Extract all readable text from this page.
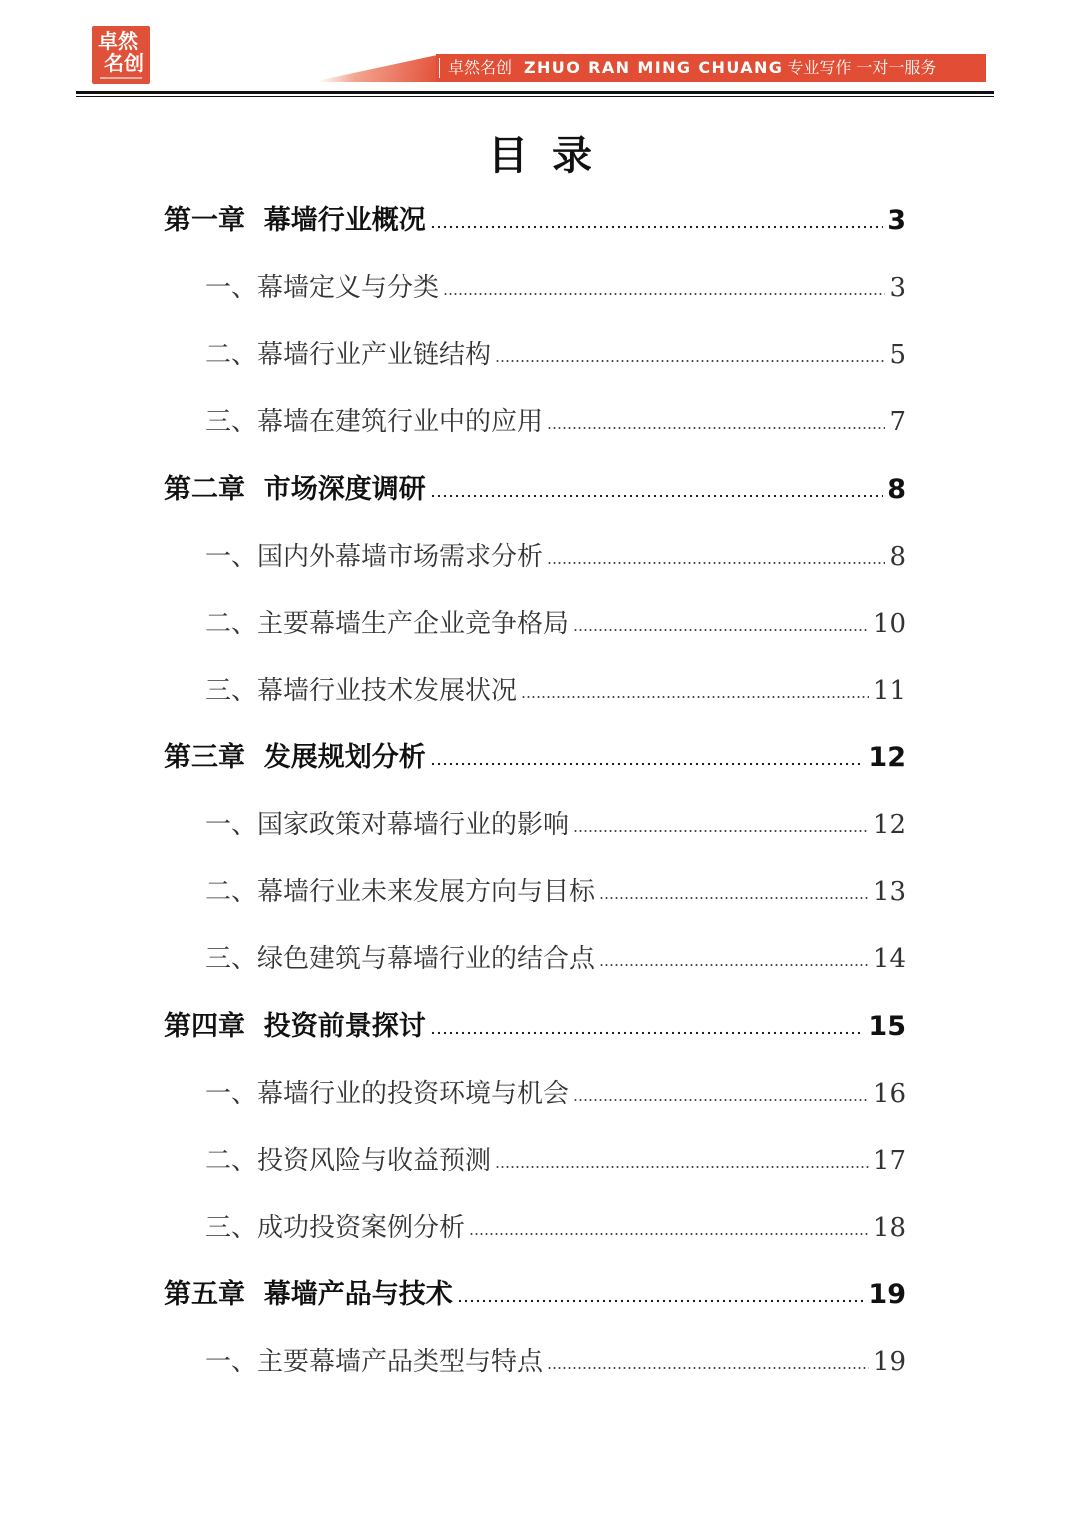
卓然
名创	卓然名创 ZHUO RAN MING CHUANG 专业写作 一对一服务
目录
第一章  幕墙行业概况	3
一、幕墙定义与分类	3
二、幕墙行业产业链结构	5
三、幕墙在建筑行业中的应用	7
第二章  市场深度调研	8
一、国内外幕墙市场需求分析	8
二、主要幕墙生产企业竞争格局	10
三、幕墙行业技术发展状况	11
第三章  发展规划分析	12
一、国家政策对幕墙行业的影响	12
二、幕墙行业未来发展方向与目标	13
三、绿色建筑与幕墙行业的结合点	14
第四章  投资前景探讨	15
一、幕墙行业的投资环境与机会	16
二、投资风险与收益预测	17
三、成功投资案例分析	18
第五章  幕墙产品与技术	19
一、主要幕墙产品类型与特点	19
